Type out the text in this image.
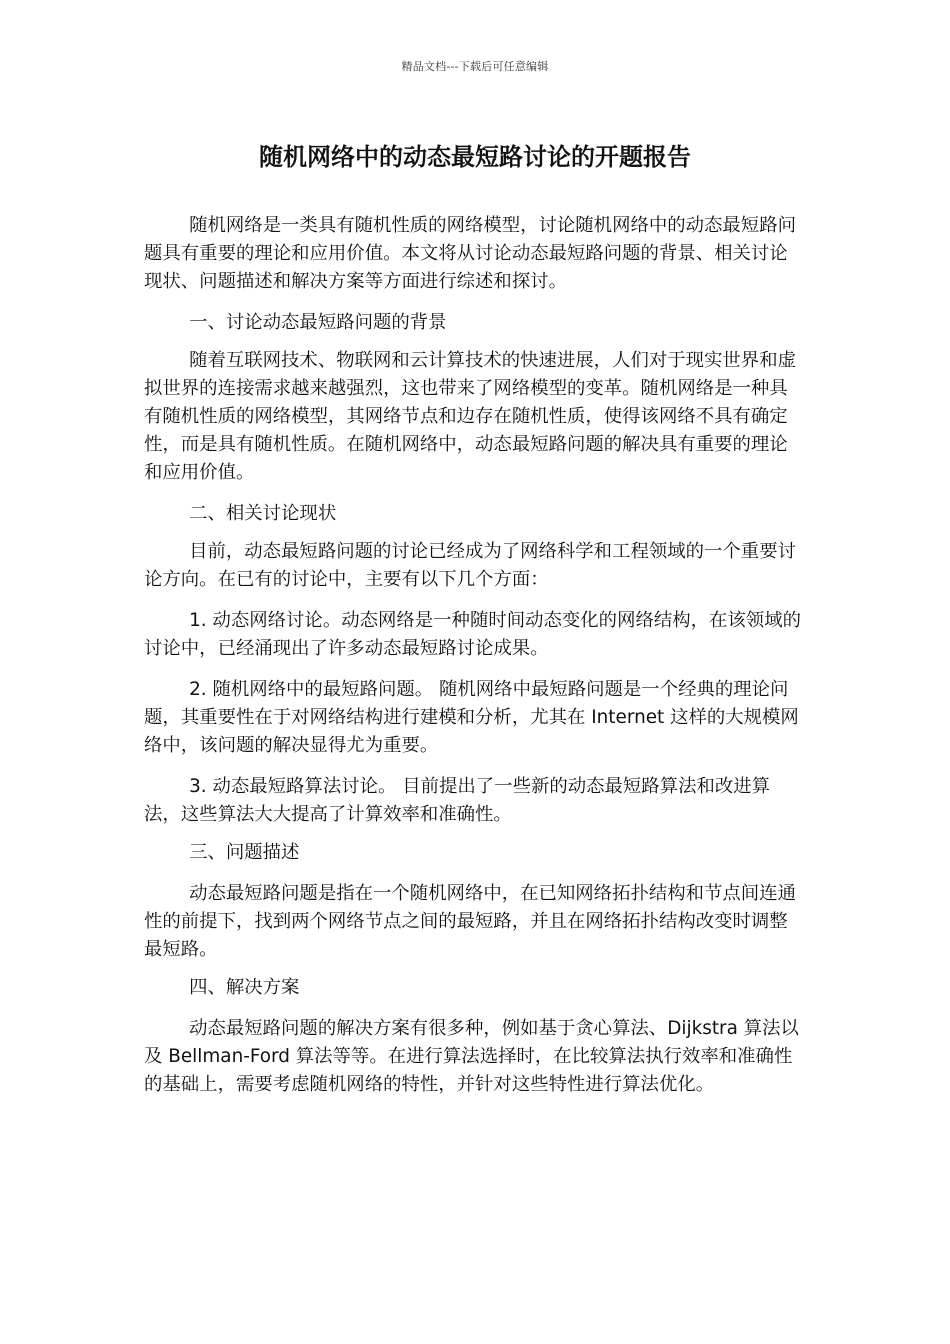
精品文档---下载后可任意编辑
随机网络中的动态最短路讨论的开题报告

随机网络是一类具有随机性质的网络模型，讨论随机网络中的动态最短路问题具有重要的理论和应用价值。本文将从讨论动态最短路问题的背景、相关讨论现状、问题描述和解决方案等方面进行综述和探讨。

一、讨论动态最短路问题的背景

随着互联网技术、物联网和云计算技术的快速进展，人们对于现实世界和虚拟世界的连接需求越来越强烈，这也带来了网络模型的变革。随机网络是一种具有随机性质的网络模型，其网络节点和边存在随机性质，使得该网络不具有确定性，而是具有随机性质。在随机网络中，动态最短路问题的解决具有重要的理论和应用价值。

二、相关讨论现状

目前，动态最短路问题的讨论已经成为了网络科学和工程领域的一个重要讨论方向。在已有的讨论中，主要有以下几个方面：

1. 动态网络讨论。动态网络是一种随时间动态变化的网络结构，在该领域的讨论中，已经涌现出了许多动态最短路讨论成果。

2. 随机网络中的最短路问题。 随机网络中最短路问题是一个经典的理论问题，其重要性在于对网络结构进行建模和分析，尤其在 Internet 这样的大规模网络中，该问题的解决显得尤为重要。

3. 动态最短路算法讨论。 目前提出了一些新的动态最短路算法和改进算法，这些算法大大提高了计算效率和准确性。

三、问题描述

动态最短路问题是指在一个随机网络中，在已知网络拓扑结构和节点间连通性的前提下，找到两个网络节点之间的最短路，并且在网络拓扑结构改变时调整最短路。

四、解决方案

动态最短路问题的解决方案有很多种，例如基于贪心算法、Dijkstra 算法以及 Bellman-Ford 算法等等。在进行算法选择时，在比较算法执行效率和准确性的基础上，需要考虑随机网络的特性，并针对这些特性进行算法优化。
